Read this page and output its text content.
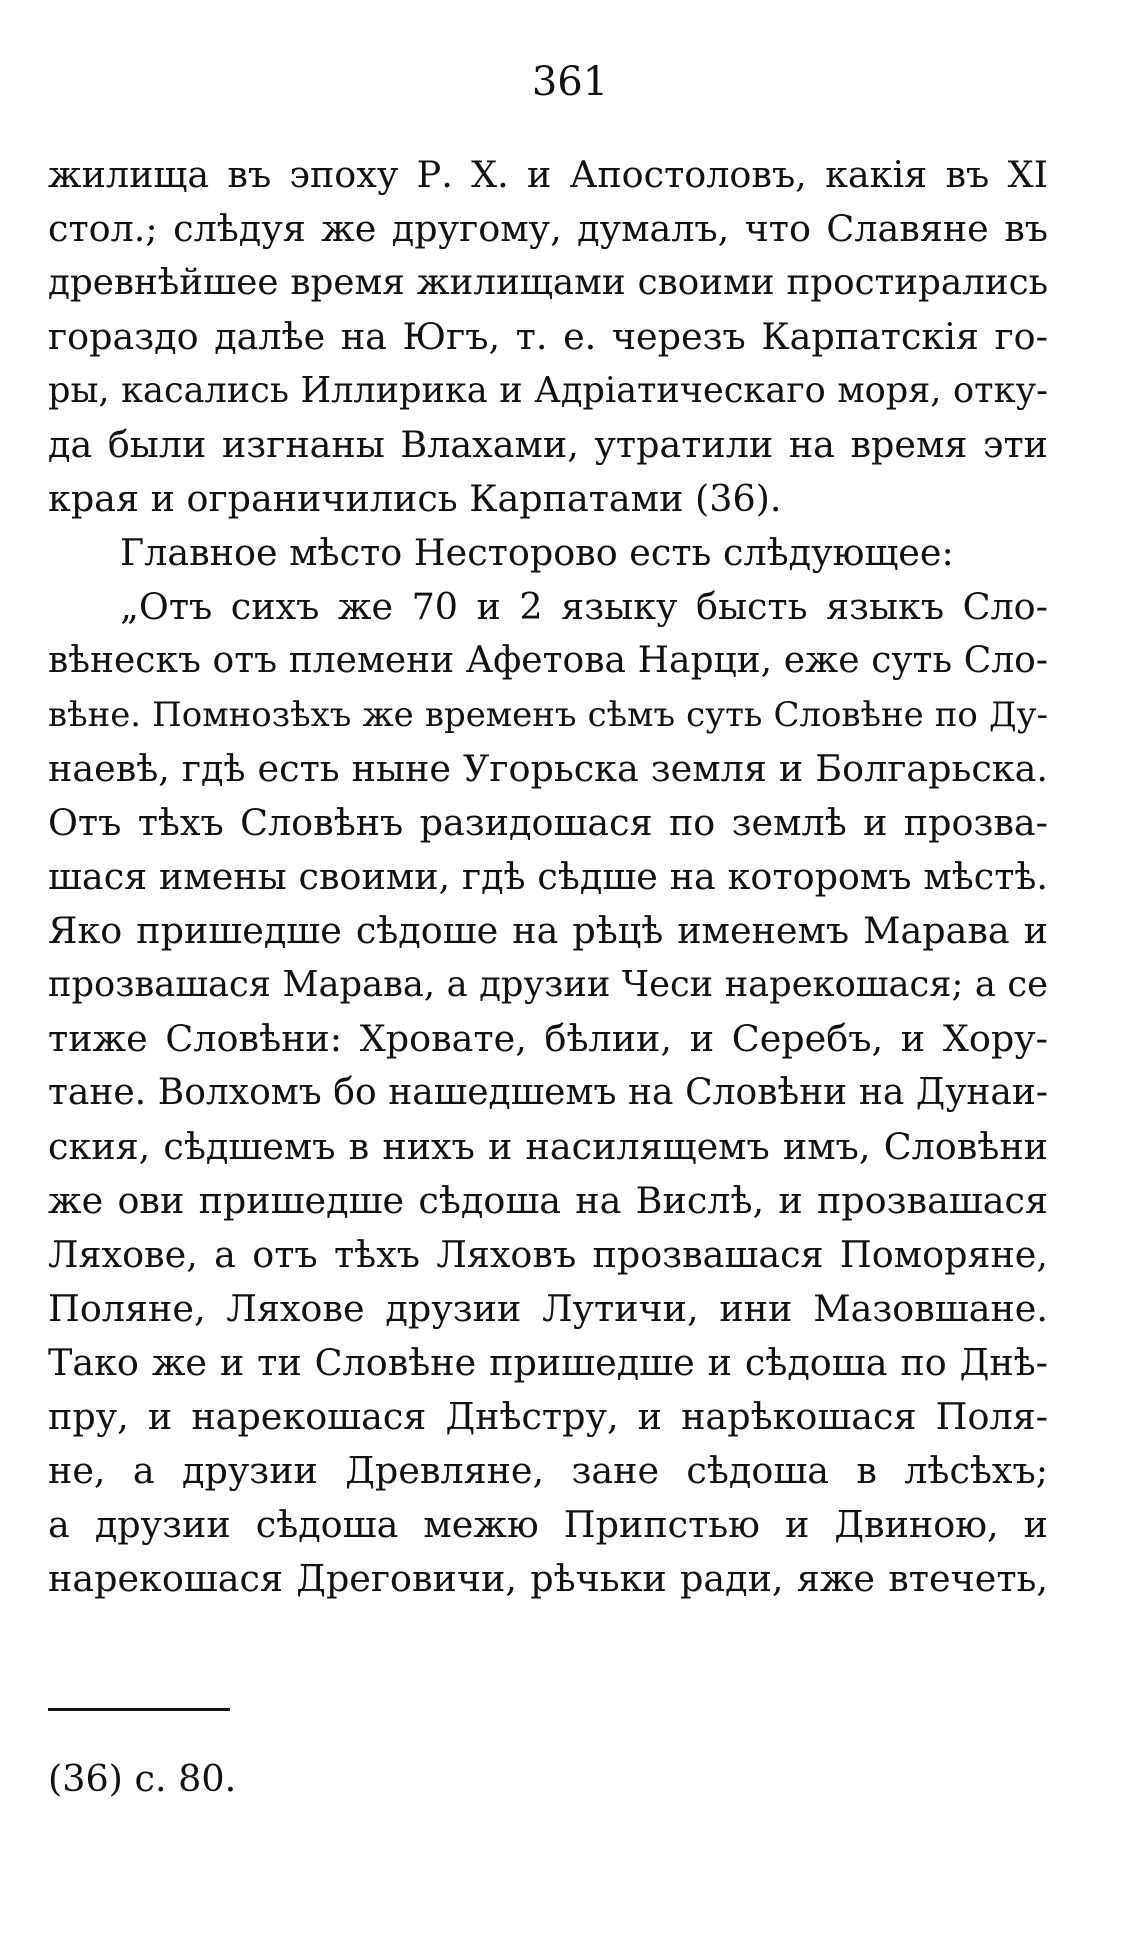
361

жилища въ эпоху Р. Х. и Апостоловъ, какія въ XI
стол.; слѣдуя же другому, думалъ, что Славяне въ
древнѣйшее время жилищами своими простирались
гораздо далѣе на Югъ, т. е. черезъ Карпатскія го-
ры, касались Иллирика и Адріатическаго моря, отку-
да были изгнаны Влахами, утратили на время эти
края и ограничились Карпатами (36).

Главное мѣсто Несторово есть слѣдующее:

„Отъ сихъ же 70 и 2 языку бысть языкъ Сло-
вѣнескъ отъ племени Афетова Нарци, еже суть Сло-
вѣне. Помнозѣхъ же временъ сѣмъ суть Словѣне по Ду-
наевѣ, гдѣ есть ныне Угорьска земля и Болгарьска.
Отъ тѣхъ Словѣнъ разидошася по землѣ и прозва-
шася имены своими, гдѣ сѣдше на которомъ мѣстѣ.
Яко пришедше сѣдоше на рѣцѣ именемъ Марава и
прозвашася Марава, а друзии Чеси нарекошася; а се
тиже Словѣни: Хровате, бѣлии, и Серебъ, и Хору-
тане. Волхомъ бо нашедшемъ на Словѣни на Дунаи-
ския, сѣдшемъ в нихъ и насилящемъ имъ, Словѣни
же ови пришедше сѣдоша на Вислѣ, и прозвашася
Ляхове, а отъ тѣхъ Ляховъ прозвашася Поморяне,
Поляне, Ляхове друзии Лутичи, ини Мазовшане.
Тако же и ти Словѣне пришедше и сѣдоша по Днѣ-
пру, и нарекошася Днѣстру, и нарѣкошася Поля-
не, а друзии Древляне, зане сѣдоша в лѣсѣхъ;
а друзии сѣдоша межю Припстью и Двиною, и
нарекошася Дреговичи, рѣчьки ради, яже втечеть,

(36) с. 80.
